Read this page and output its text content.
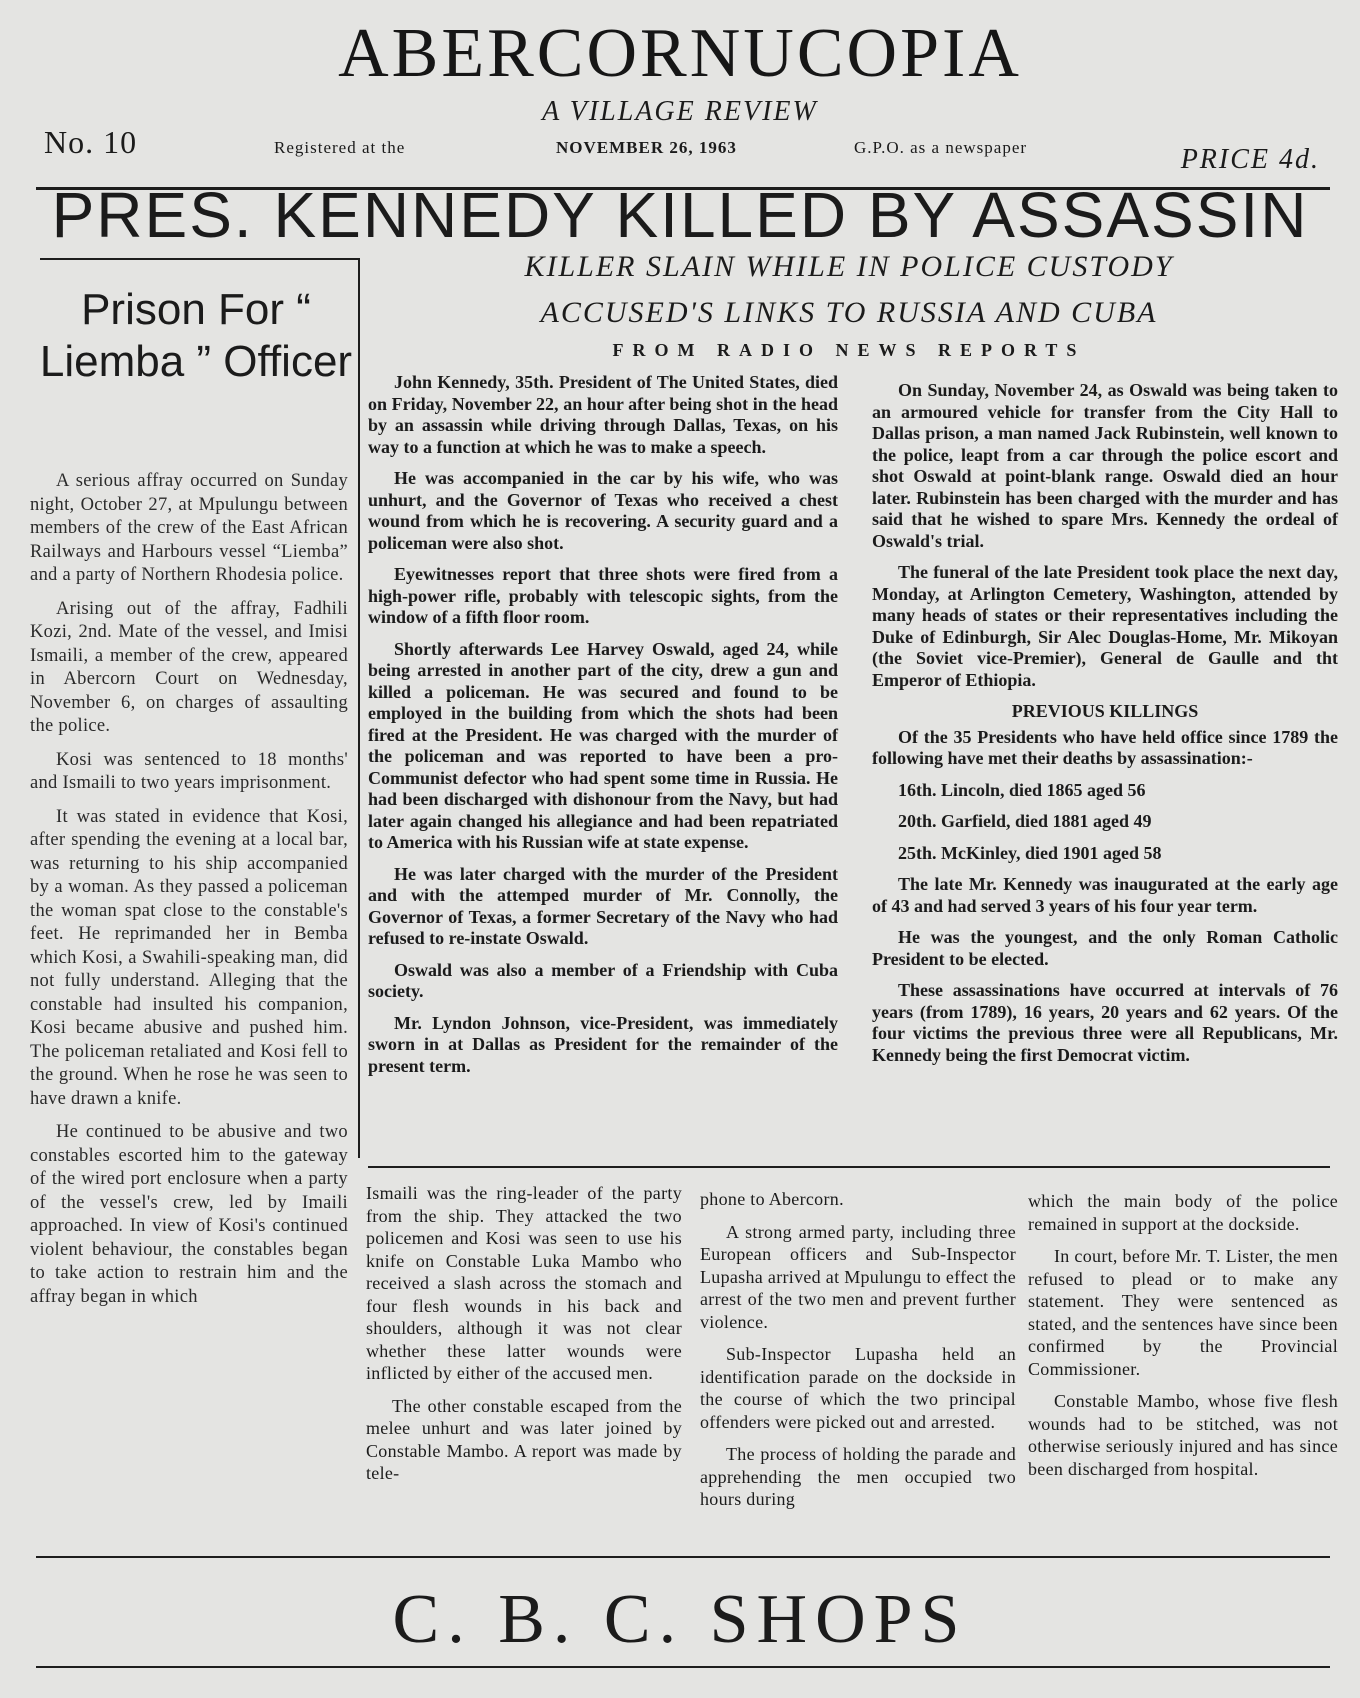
ABERCORNUCOPIA
A VILLAGE REVIEW
No. 10	Registered at the	NOVEMBER 26, 1963	G.P.O. as a newspaper	PRICE 4d.
PRES. KENNEDY KILLED BY ASSASSIN
KILLER SLAIN WHILE IN POLICE CUSTODY
ACCUSED'S LINKS TO RUSSIA AND CUBA
FROM RADIO NEWS REPORTS
Prison For “ Liemba ” Officer

A serious affray occurred on Sunday night, October 27, at Mpulungu between members of the crew of the East African Railways and Harbours vessel “Liemba” and a party of Northern Rhodesia police.

Arising out of the affray, Fadhili Kozi, 2nd. Mate of the vessel, and Imisi Ismaili, a member of the crew, appeared in Abercorn Court on Wednesday, November 6, on charges of assaulting the police.

Kosi was sentenced to 18 months' and Ismaili to two years imprisonment.

It was stated in evidence that Kosi, after spending the evening at a local bar, was returning to his ship accompanied by a woman. As they passed a policeman the woman spat close to the constable's feet. He reprimanded her in Bemba which Kosi, a Swahili-speaking man, did not fully understand. Alleging that the constable had insulted his companion, Kosi became abusive and pushed him. The policeman retaliated and Kosi fell to the ground. When he rose he was seen to have drawn a knife.

He continued to be abusive and two constables escorted him to the gateway of the wired port enclosure when a party of the vessel's crew, led by Imaili approached. In view of Kosi's continued violent behaviour, the constables began to take action to restrain him and the affray began in which

John Kennedy, 35th. President of The United States, died on Friday, November 22, an hour after being shot in the head by an assassin while driving through Dallas, Texas, on his way to a function at which he was to make a speech.

He was accompanied in the car by his wife, who was unhurt, and the Governor of Texas who received a chest wound from which he is recovering. A security guard and a policeman were also shot.

Eyewitnesses report that three shots were fired from a high-power rifle, probably with telescopic sights, from the window of a fifth floor room.

Shortly afterwards Lee Harvey Oswald, aged 24, while being arrested in another part of the city, drew a gun and killed a policeman. He was secured and found to be employed in the building from which the shots had been fired at the President. He was charged with the murder of the policeman and was reported to have been a pro-Communist defector who had spent some time in Russia. He had been discharged with dishonour from the Navy, but had later again changed his allegiance and had been repatriated to America with his Russian wife at state expense.

He was later charged with the murder of the President and with the attemped murder of Mr. Connolly, the Governor of Texas, a former Secretary of the Navy who had refused to re-instate Oswald.

Oswald was also a member of a Friendship with Cuba society.

Mr. Lyndon Johnson, vice-President, was immediately sworn in at Dallas as President for the remainder of the present term.

On Sunday, November 24, as Oswald was being taken to an armoured vehicle for transfer from the City Hall to Dallas prison, a man named Jack Rubinstein, well known to the police, leapt from a car through the police escort and shot Oswald at point-blank range. Oswald died an hour later. Rubinstein has been charged with the murder and has said that he wished to spare Mrs. Kennedy the ordeal of Oswald's trial.

The funeral of the late President took place the next day, Monday, at Arlington Cemetery, Washington, attended by many heads of states or their representatives including the Duke of Edinburgh, Sir Alec Douglas-Home, Mr. Mikoyan (the Soviet vice-Premier), General de Gaulle and tht Emperor of Ethiopia.

PREVIOUS KILLINGS

Of the 35 Presidents who have held office since 1789 the following have met their deaths by assassination:-

16th. Lincoln, died 1865 aged 56

20th. Garfield, died 1881 aged 49

25th. McKinley, died 1901 aged 58

The late Mr. Kennedy was inaugurated at the early age of 43 and had served 3 years of his four year term.

He was the youngest, and the only Roman Catholic President to be elected.

These assassinations have occurred at intervals of 76 years (from 1789), 16 years, 20 years and 62 years. Of the four victims the previous three were all Republicans, Mr. Kennedy being the first Democrat victim.

Ismaili was the ring-leader of the party from the ship. They attacked the two policemen and Kosi was seen to use his knife on Constable Luka Mambo who received a slash across the stomach and four flesh wounds in his back and shoulders, although it was not clear whether these latter wounds were inflicted by either of the accused men.

The other constable escaped from the melee unhurt and was later joined by Constable Mambo. A report was made by tele-

phone to Abercorn.

A strong armed party, including three European officers and Sub-Inspector Lupasha arrived at Mpulungu to effect the arrest of the two men and prevent further violence.

Sub-Inspector Lupasha held an identification parade on the dockside in the course of which the two principal offenders were picked out and arrested.

The process of holding the parade and apprehending the men occupied two hours during

which the main body of the police remained in support at the dockside.

In court, before Mr. T. Lister, the men refused to plead or to make any statement. They were sentenced as stated, and the sentences have since been confirmed by the Provincial Commissioner.

Constable Mambo, whose five flesh wounds had to be stitched, was not otherwise seriously injured and has since been discharged from hospital.

C. B. C. SHOPS
